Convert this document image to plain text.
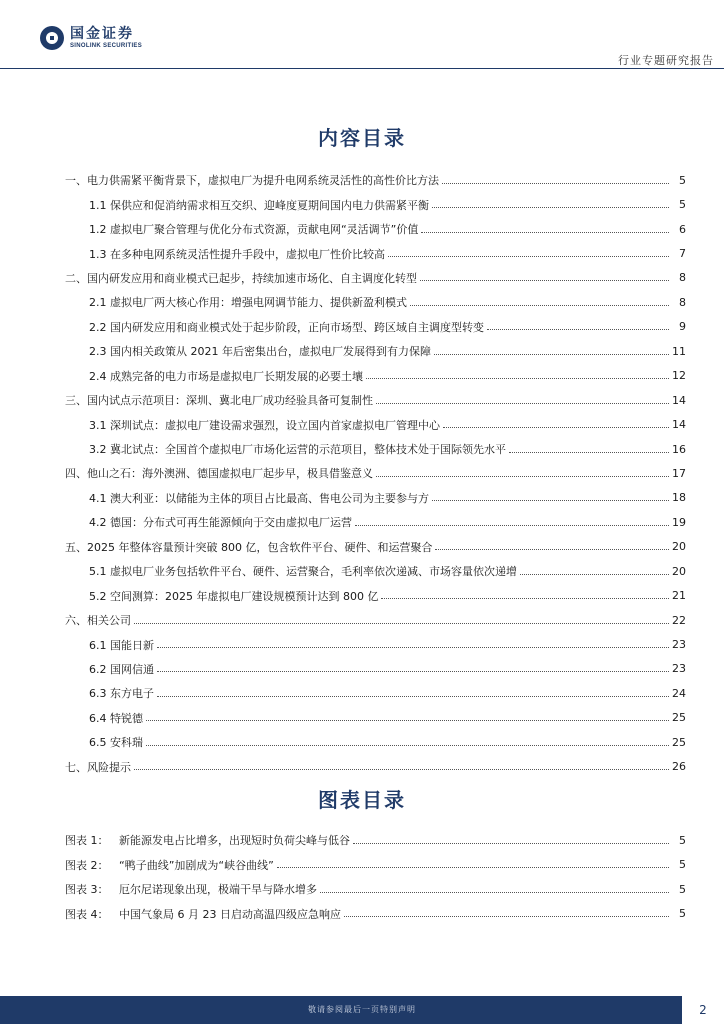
国金证券
SINOLINK SECURITIES
行业专题研究报告
内容目录
一、电力供需紧平衡背景下，虚拟电厂为提升电网系统灵活性的高性价比方法	5
1.1 保供应和促消纳需求相互交织、迎峰度夏期间国内电力供需紧平衡	5
1.2 虚拟电厂聚合管理与优化分布式资源，贡献电网“灵活调节”价值	6
1.3 在多种电网系统灵活性提升手段中，虚拟电厂性价比较高	7
二、国内研发应用和商业模式已起步，持续加速市场化、自主调度化转型	8
2.1 虚拟电厂两大核心作用：增强电网调节能力、提供新盈利模式	8
2.2 国内研发应用和商业模式处于起步阶段，正向市场型、跨区域自主调度型转变	9
2.3 国内相关政策从 2021 年后密集出台，虚拟电厂发展得到有力保障	11
2.4 成熟完备的电力市场是虚拟电厂长期发展的必要土壤	12
三、国内试点示范项目：深圳、冀北电厂成功经验具备可复制性	14
3.1 深圳试点：虚拟电厂建设需求强烈，设立国内首家虚拟电厂管理中心	14
3.2 冀北试点：全国首个虚拟电厂市场化运营的示范项目，整体技术处于国际领先水平	16
四、他山之石：海外澳洲、德国虚拟电厂起步早，极具借鉴意义	17
4.1 澳大利亚：以储能为主体的项目占比最高、售电公司为主要参与方	18
4.2 德国：分布式可再生能源倾向于交由虚拟电厂运营	19
五、2025 年整体容量预计突破 800 亿，包含软件平台、硬件、和运营聚合	20
5.1 虚拟电厂业务包括软件平台、硬件、运营聚合，毛利率依次递减、市场容量依次递增	20
5.2 空间测算：2025 年虚拟电厂建设规模预计达到 800 亿	21
六、相关公司	22
6.1 国能日新	23
6.2 国网信通	23
6.3 东方电子	24
6.4 特锐德	25
6.5 安科瑞	25
七、风险提示	26
图表目录
图表 1： 新能源发电占比增多，出现短时负荷尖峰与低谷	5
图表 2： “鸭子曲线”加剧成为“峡谷曲线”	5
图表 3： 厄尔尼诺现象出现，极端干旱与降水增多	5
图表 4： 中国气象局 6 月 23 日启动高温四级应急响应	5
敬请参阅最后一页特别声明	2
